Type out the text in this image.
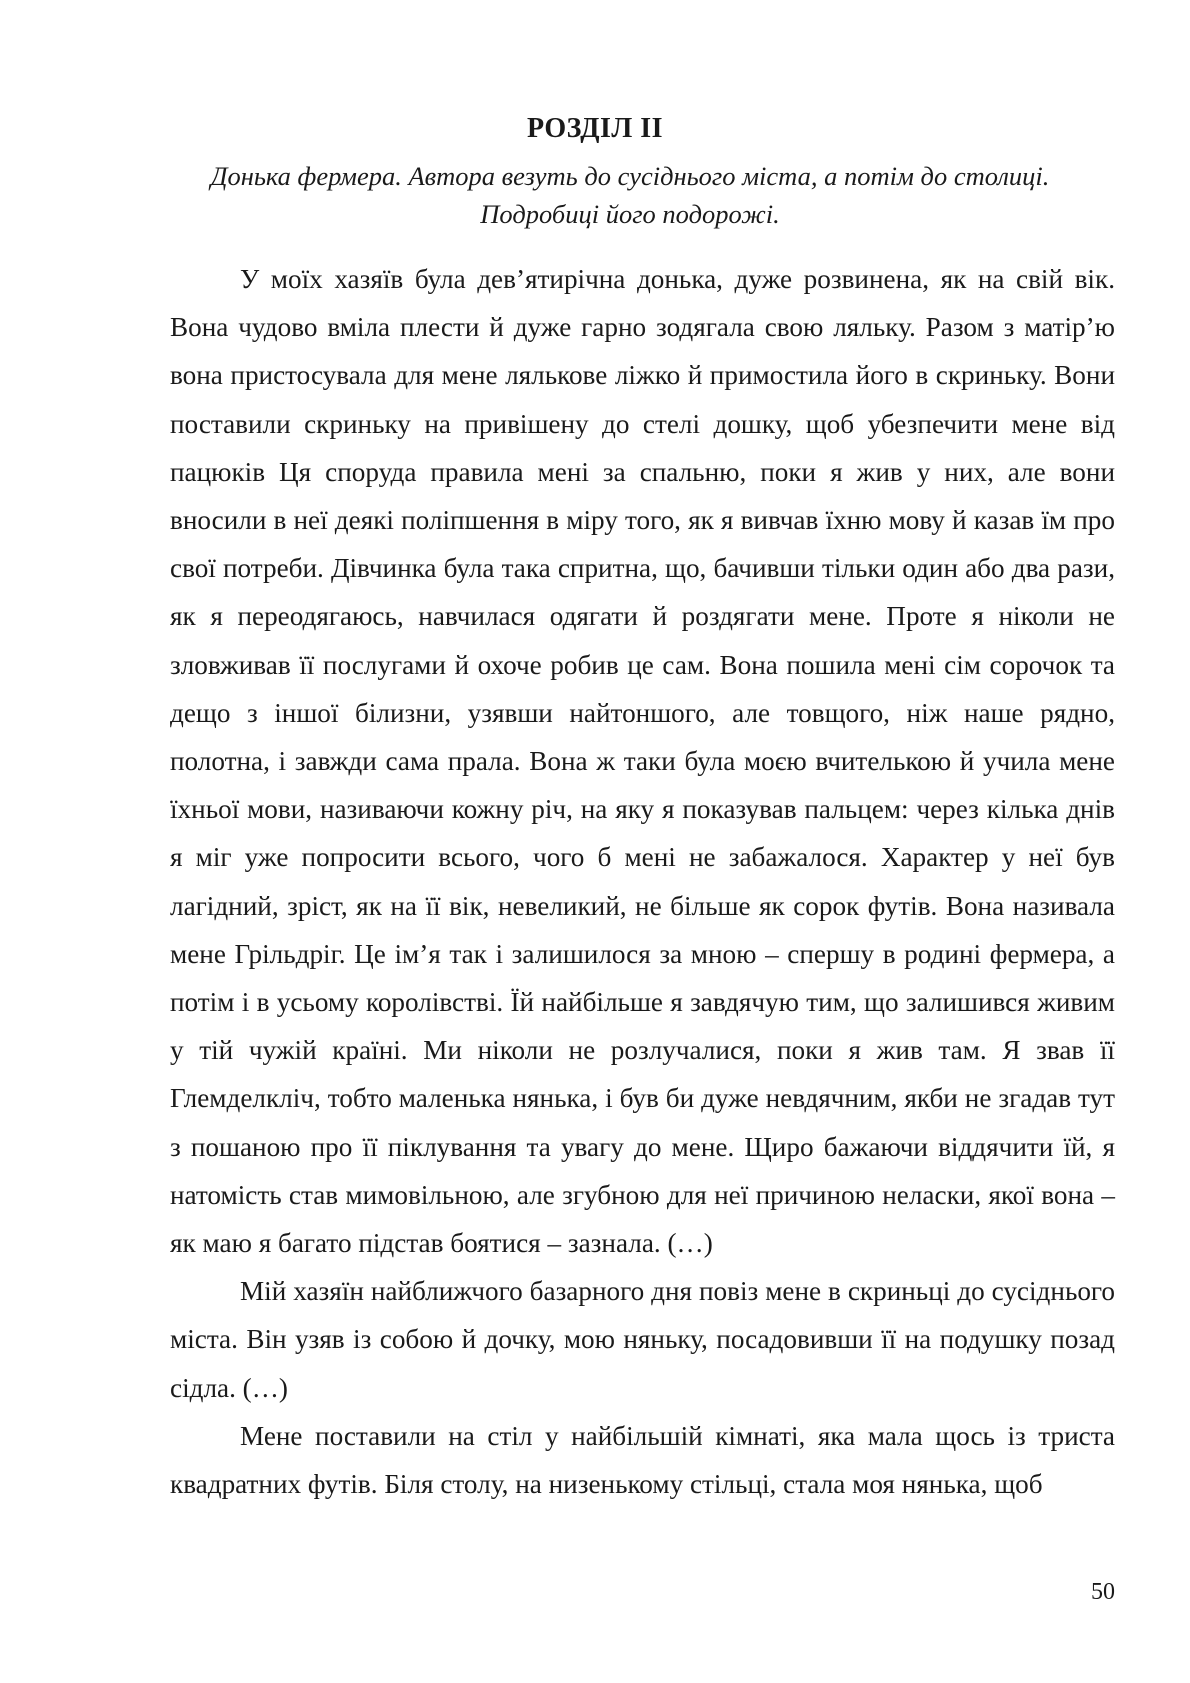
РОЗДІЛ II
Донька фермера. Автора везуть до сусіднього міста, а потім до столиці.
Подробиці його подорожі.

У моїх хазяїв була дев’ятирічна донька, дуже розвинена, як на свій вік. Вона чудово вміла плести й дуже гарно зодягала свою ляльку. Разом з матір’ю вона пристосувала для мене лялькове ліжко й примостила його в скриньку. Вони поставили скриньку на привішену до стелі дошку, щоб убезпечити мене від пацюків Ця споруда правила мені за спальню, поки я жив у них, але вони вносили в неї деякі поліпшення в міру того, як я вивчав їхню мову й казав їм про свої потреби. Дівчинка була така спритна, що, бачивши тільки один або два рази, як я переодягаюсь, навчилася одягати й роздягати мене. Проте я ніколи не зловживав її послугами й охоче робив це сам. Вона пошила мені сім сорочок та дещо з іншої білизни, узявши найтоншого, але товщого, ніж наше рядно, полотна, і завжди сама прала. Вона ж таки була моєю вчителькою й учила мене їхньої мови, називаючи кожну річ, на яку я показував пальцем: через кілька днів я міг уже попросити всього, чого б мені не забажалося. Характер у неї був лагідний, зріст, як на її вік, невеликий, не більше як сорок футів. Вона називала мене Грільдріг. Це ім’я так і залишилося за мною – спершу в родині фермера, а потім і в усьому королівстві. Їй найбільше я завдячую тим, що залишився живим у тій чужій країні. Ми ніколи не розлучалися, поки я жив там. Я звав її Глемделкліч, тобто маленька нянька, і був би дуже невдячним, якби не згадав тут з пошаною про її піклування та увагу до мене. Щиро бажаючи віддячити їй, я натомість став мимовільною, але згубною для неї причиною неласки, якої вона – як маю я багато підстав боятися – зазнала. (…)

Мій хазяїн найближчого базарного дня повіз мене в скриньці до сусіднього міста. Він узяв із собою й дочку, мою няньку, посадовивши її на подушку позад сідла. (…)

Мене поставили на стіл у найбільшій кімнаті, яка мала щось із триста квадратних футів. Біля столу, на низенькому стільці, стала моя нянька, щоб

50
